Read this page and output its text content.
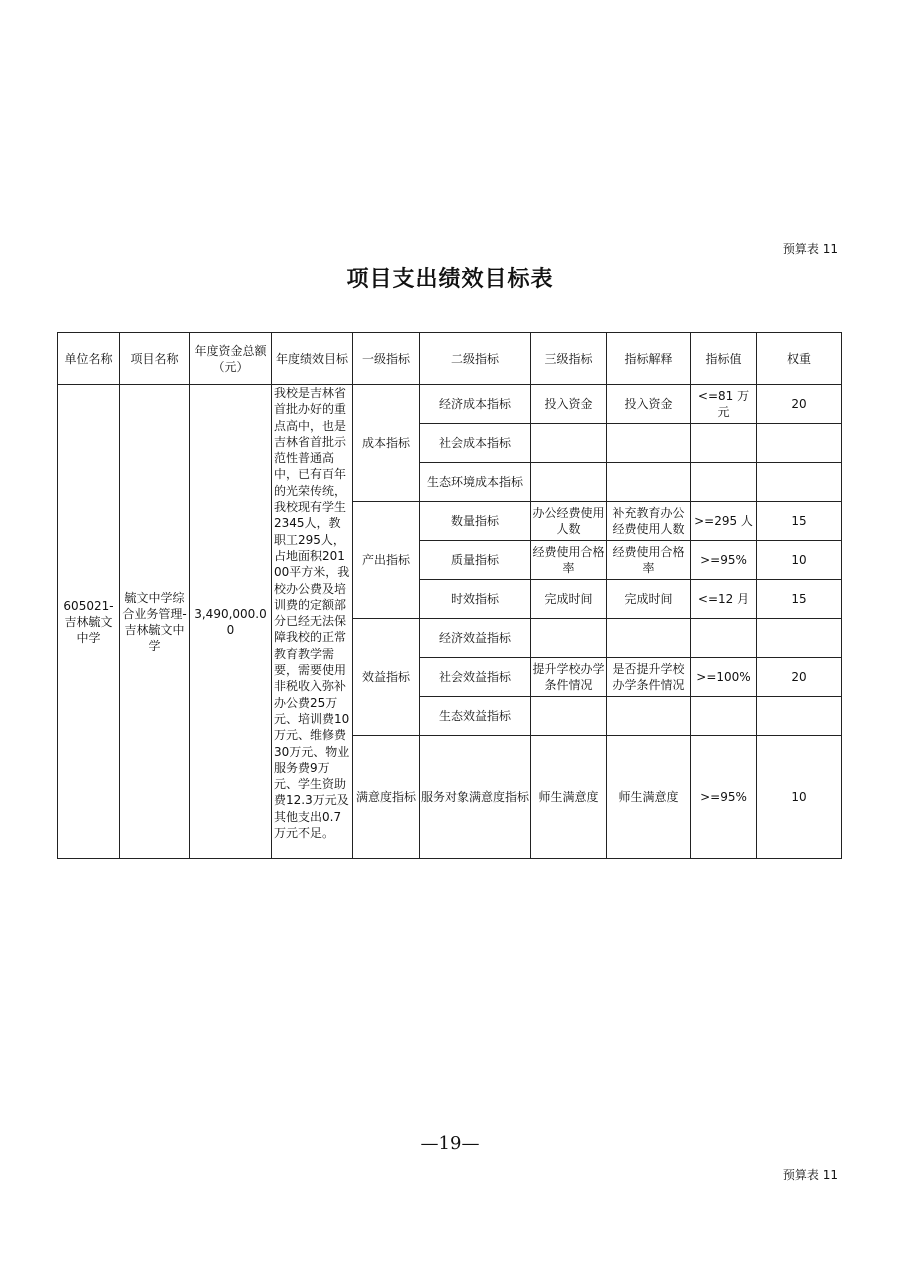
预算表 11
项目支出绩效目标表
单位名称	项目名称	年度资金总额（元）	年度绩效目标	一级指标	二级指标	三级指标	指标解释	指标值	权重
605021-吉林毓文中学	毓文中学综合业务管理-吉林毓文中学	3,490,000.00	我校是吉林省首批办好的重点高中，也是吉林省首批示范性普通高中，已有百年的光荣传统，我校现有学生2345人，教职工295人，占地面积20100平方米，我校办公费及培训费的定额部分已经无法保障我校的正常教育教学需要，需要使用非税收入弥补办公费25万元、培训费10万元、维修费30万元、物业服务费9万元、学生资助费12.3万元及其他支出0.7万元不足。	成本指标	经济成本指标	投入资金	投入资金	<=81 万元	20
					社会成本指标				
					生态环境成本指标				
				产出指标	数量指标	办公经费使用人数	补充教育办公经费使用人数	>=295 人	15
					质量指标	经费使用合格率	经费使用合格率	>=95%	10
					时效指标	完成时间	完成时间	<=12 月	15
				效益指标	经济效益指标				
					社会效益指标	提升学校办学条件情况	是否提升学校办学条件情况	>=100%	20
					生态效益指标				
				满意度指标	服务对象满意度指标	师生满意度	师生满意度	>=95%	10
—19—
预算表 11
